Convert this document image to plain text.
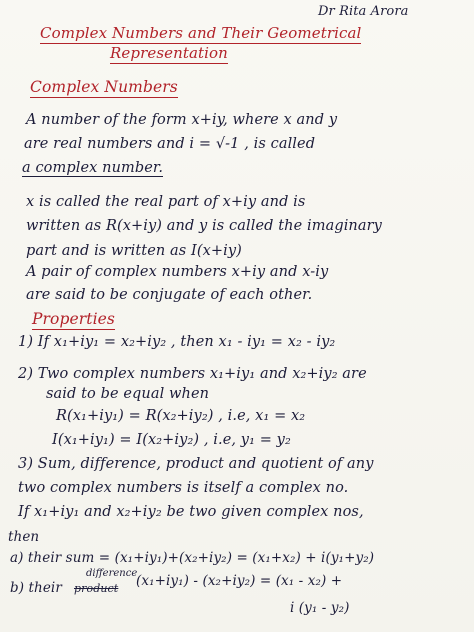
Dr Rita Arora
Complex Numbers and Their Geometrical
Representation
Complex Numbers
A number of the form x+iy, where x and y
are real numbers and i = √-1 , is called
a complex number.
x is called the real part of x+iy and is
written as R(x+iy) and y is called the imaginary
part and is written as I(x+iy)
A pair of complex numbers x+iy and x-iy
are said to be conjugate of each other.
Properties
1) If x₁+iy₁ = x₂+iy₂ , then x₁ - iy₁ = x₂ - iy₂
2) Two complex numbers x₁+iy₁ and x₂+iy₂ are
said to be equal when
R(x₁+iy₁) = R(x₂+iy₂) , i.e, x₁ = x₂
I(x₁+iy₁) = I(x₂+iy₂) , i.e, y₁ = y₂
3) Sum, difference, product and quotient of any
two complex numbers is itself a complex no.
If x₁+iy₁ and x₂+iy₂ be two given complex nos,
then
a) their sum = (x₁+iy₁)+(x₂+iy₂) = (x₁+x₂) + i(y₁+y₂)
b) their
difference
product (x₁+iy₁) - (x₂+iy₂) = (x₁ - x₂) +
i (y₁ - y₂)
